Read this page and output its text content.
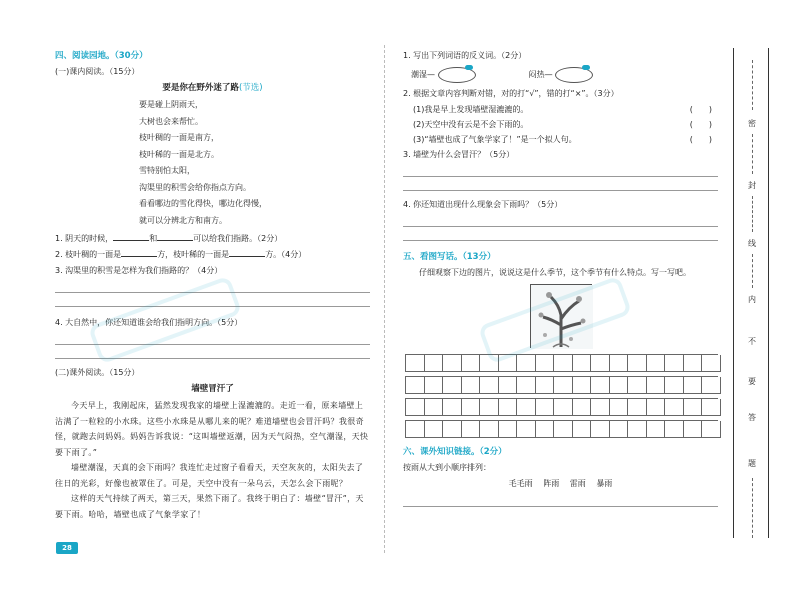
四、阅读园地。（30分）
(一)课内阅读。（15分）
要是你在野外迷了路(节选)
要是碰上阴雨天，
大树也会来帮忙。
枝叶稠的一面是南方，
枝叶稀的一面是北方。
雪特别怕太阳，
沟渠里的积雪会给你指点方向。
看看哪边的雪化得快，哪边化得慢，
就可以分辨北方和南方。
1. 阴天的时候，	和	可以给我们指路。（2分）
2. 枝叶稠的一面是	方，枝叶稀的一面是	方。（4分）
3. 沟渠里的积雪是怎样为我们指路的？（4分）
4. 大自然中，你还知道谁会给我们指明方向。（5分）
(二)课外阅读。（15分）
墙壁冒汗了

今天早上，我刚起床，猛然发现我家的墙壁上湿漉漉的。走近一看，原来墙壁上沾满了一粒粒的小水珠。这些小水珠是从哪儿来的呢？难道墙壁也会冒汗吗？我很奇怪，就跑去问妈妈。妈妈告诉我说：“这叫墙壁返潮，因为天气闷热，空气潮湿，天快要下雨了。”

墙壁潮湿，天真的会下雨吗？我连忙走过窗子看看天，天空灰灰的，太阳失去了往日的光彩，好像也被罩住了。可是，天空中没有一朵乌云，天怎么会下雨呢？

这样的天气持续了两天，第三天，果然下雨了。我终于明白了：墙壁“冒汗”，天要下雨。哈哈，墙壁也成了气象学家了！

1. 写出下列词语的反义词。（2分）
潮湿—	闷热—
2. 根据文章内容判断对错，对的打“√”，错的打“×”。（3分）
(1)我是早上发现墙壁湿漉漉的。	(　　)
(2)天空中没有云是不会下雨的。	(　　)
(3)“墙壁也成了气象学家了！”是一个拟人句。	(　　)
3. 墙壁为什么会冒汗？（5分）
4. 你还知道出现什么现象会下雨吗？（5分）
五、看图写话。（13分）
仔细观察下边的图片，说说这是什么季节，这个季节有什么特点。写一写吧。
六、课外知识链接。（2分）
按雨从大到小顺序排列：
毛毛雨 阵雨 雷雨 暴雨
密
封
线
内
不
要
答
题
28
